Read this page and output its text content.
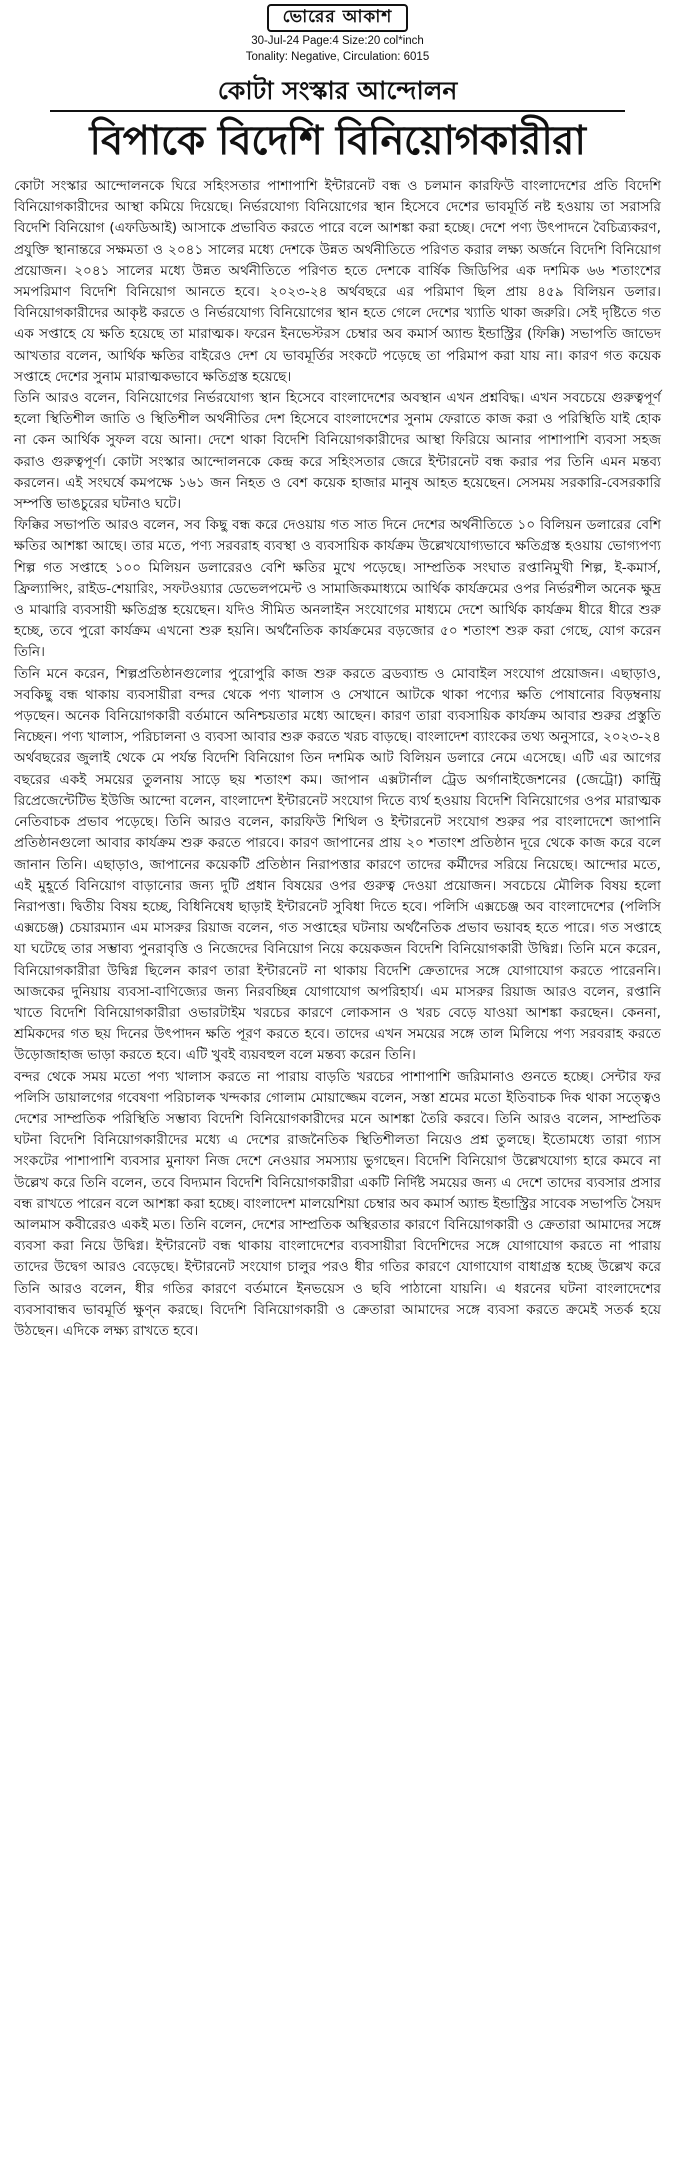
ভোরের আকাশ
30-Jul-24 Page:4 Size:20 col*inch
Tonality: Negative, Circulation: 6015
কোটা সংস্কার আন্দোলন
বিপাকে বিদেশি বিনিয়োগকারীরা

কোটা সংস্কার আন্দোলনকে ঘিরে সহিংসতার পাশাপাশি ইন্টারনেট বন্ধ ও চলমান কারফিউ বাংলাদেশের প্রতি বিদেশি বিনিয়োগকারীদের আস্থা কমিয়ে দিয়েছে। নির্ভরযোগ্য বিনিয়োগের স্থান হিসেবে দেশের ভাবমূর্তি নষ্ট হওয়ায় তা সরাসরি বিদেশি বিনিয়োগ (এফডিআই) আসাকে প্রভাবিত করতে পারে বলে আশঙ্কা করা হচ্ছে। দেশে পণ্য উৎপাদনে বৈচিত্র্যকরণ, প্রযুক্তি স্থানান্তরে সক্ষমতা ও ২০৪১ সালের মধ্যে দেশকে উন্নত অর্থনীতিতে পরিণত করার লক্ষ্য অর্জনে বিদেশি বিনিয়োগ প্রয়োজন। ২০৪১ সালের মধ্যে উন্নত অর্থনীতিতে পরিণত হতে দেশকে বার্ষিক জিডিপির এক দশমিক ৬৬ শতাংশের সমপরিমাণ বিদেশি বিনিয়োগ আনতে হবে। ২০২৩-২৪ অর্থবছরে এর পরিমাণ ছিল প্রায় ৪৫৯ বিলিয়ন ডলার। বিনিয়োগকারীদের আকৃষ্ট করতে ও নির্ভরযোগ্য বিনিয়োগের স্থান হতে গেলে দেশের খ্যাতি থাকা জরুরি। সেই দৃষ্টিতে গত এক সপ্তাহে যে ক্ষতি হয়েছে তা মারাত্মক। ফরেন ইনভেস্টরস চেম্বার অব কমার্স অ্যান্ড ইন্ডাস্ট্রির (ফিক্কি) সভাপতি জাভেদ আখতার বলেন, আর্থিক ক্ষতির বাইরেও দেশ যে ভাবমূর্তির সংকটে পড়েছে তা পরিমাপ করা যায় না। কারণ গত কয়েক সপ্তাহে দেশের সুনাম মারাত্মকভাবে ক্ষতিগ্রস্ত হয়েছে।

তিনি আরও বলেন, বিনিয়োগের নির্ভরযোগ্য স্থান হিসেবে বাংলাদেশের অবস্থান এখন প্রশ্নবিদ্ধ। এখন সবচেয়ে গুরুত্বপূর্ণ হলো স্থিতিশীল জাতি ও স্থিতিশীল অর্থনীতির দেশ হিসেবে বাংলাদেশের সুনাম ফেরাতে কাজ করা ও পরিস্থিতি যাই হোক না কেন আর্থিক সুফল বয়ে আনা। দেশে থাকা বিদেশি বিনিয়োগকারীদের আস্থা ফিরিয়ে আনার পাশাপাশি ব্যবসা সহজ করাও গুরুত্বপূর্ণ। কোটা সংস্কার আন্দোলনকে কেন্দ্র করে সহিংসতার জেরে ইন্টারনেট বন্ধ করার পর তিনি এমন মন্তব্য করলেন। এই সংঘর্ষে কমপক্ষে ১৬১ জন নিহত ও বেশ কয়েক হাজার মানুষ আহত হয়েছেন। সেসময় সরকারি-বেসরকারি সম্পত্তি ভাঙচুরের ঘটনাও ঘটে।

ফিক্কির সভাপতি আরও বলেন, সব কিছু বন্ধ করে দেওয়ায় গত সাত দিনে দেশের অর্থনীতিতে ১০ বিলিয়ন ডলারের বেশি ক্ষতির আশঙ্কা আছে। তার মতে, পণ্য সরবরাহ ব্যবস্থা ও ব্যবসায়িক কার্যক্রম উল্লেখযোগ্যভাবে ক্ষতিগ্রস্ত হওয়ায় ভোগ্যপণ্য শিল্প গত সপ্তাহে ১০০ মিলিয়ন ডলারেরও বেশি ক্ষতির মুখে পড়েছে। সাম্প্রতিক সংঘাত রপ্তানিমুখী শিল্প, ই-কমার্স, ফ্রিল্যান্সিং, রাইড-শেয়ারিং, সফটওয়্যার ডেভেলপমেন্ট ও সামাজিকমাধ্যমে আর্থিক কার্যক্রমের ওপর নির্ভরশীল অনেক ক্ষুদ্র ও মাঝারি ব্যবসায়ী ক্ষতিগ্রস্ত হয়েছেন। যদিও সীমিত অনলাইন সংযোগের মাধ্যমে দেশে আর্থিক কার্যক্রম ধীরে ধীরে শুরু হচ্ছে, তবে পুরো কার্যক্রম এখনো শুরু হয়নি। অর্থনৈতিক কার্যক্রমের বড়জোর ৫০ শতাংশ শুরু করা গেছে, যোগ করেন তিনি।

তিনি মনে করেন, শিল্পপ্রতিষ্ঠানগুলোর পুরোপুরি কাজ শুরু করতে ব্রডব্যান্ড ও মোবাইল সংযোগ প্রয়োজন। এছাড়াও, সবকিছু বন্ধ থাকায় ব্যবসায়ীরা বন্দর থেকে পণ্য খালাস ও সেখানে আটকে থাকা পণ্যের ক্ষতি পোষানোর বিড়ম্বনায় পড়ছেন। অনেক বিনিয়োগকারী বর্তমানে অনিশ্চয়তার মধ্যে আছেন। কারণ তারা ব্যবসায়িক কার্যক্রম আবার শুরুর প্রস্তুতি নিচ্ছেন। পণ্য খালাস, পরিচালনা ও ব্যবসা আবার শুরু করতে খরচ বাড়ছে। বাংলাদেশ ব্যাংকের তথ্য অনুসারে, ২০২৩-২৪ অর্থবছরের জুলাই থেকে মে পর্যন্ত বিদেশি বিনিয়োগ তিন দশমিক আট বিলিয়ন ডলারে নেমে এসেছে। এটি এর আগের বছরের একই সময়ের তুলনায় সাড়ে ছয় শতাংশ কম। জাপান এক্সটার্নাল ট্রেড অর্গানাইজেশনের (জেট্রো) কান্ট্রি রিপ্রেজেন্টেটিভ ইউজি আন্দো বলেন, বাংলাদেশ ইন্টারনেট সংযোগ দিতে ব্যর্থ হওয়ায় বিদেশি বিনিয়োগের ওপর মারাত্মক নেতিবাচক প্রভাব পড়েছে। তিনি আরও বলেন, কারফিউ শিথিল ও ইন্টারনেট সংযোগ শুরুর পর বাংলাদেশে জাপানি প্রতিষ্ঠানগুলো আবার কার্যক্রম শুরু করতে পারবে। কারণ জাপানের প্রায় ২০ শতাংশ প্রতিষ্ঠান দূরে থেকে কাজ করে বলে জানান তিনি। এছাড়াও, জাপানের কয়েকটি প্রতিষ্ঠান নিরাপত্তার কারণে তাদের কর্মীদের সরিয়ে নিয়েছে। আন্দোর মতে, এই মুহূর্তে বিনিয়োগ বাড়ানোর জন্য দুটি প্রধান বিষয়ের ওপর গুরুত্ব দেওয়া প্রয়োজন। সবচেয়ে মৌলিক বিষয় হলো নিরাপত্তা। দ্বিতীয় বিষয় হচ্ছে, বিধিনিষেধ ছাড়াই ইন্টারনেট সুবিধা দিতে হবে। পলিসি এক্সচেঞ্জ অব বাংলাদেশের (পলিসি এক্সচেঞ্জ) চেয়ারম্যান এম মাসরুর রিয়াজ বলেন, গত সপ্তাহের ঘটনায় অর্থনৈতিক প্রভাব ভয়াবহ হতে পারে। গত সপ্তাহে যা ঘটেছে তার সম্ভাব্য পুনরাবৃত্তি ও নিজেদের বিনিয়োগ নিয়ে কয়েকজন বিদেশি বিনিয়োগকারী উদ্বিগ্ন। তিনি মনে করেন, বিনিয়োগকারীরা উদ্বিগ্ন ছিলেন কারণ তারা ইন্টারনেট না থাকায় বিদেশি ক্রেতাদের সঙ্গে যোগাযোগ করতে পারেননি। আজকের দুনিয়ায় ব্যবসা-বাণিজ্যের জন্য নিরবচ্ছিন্ন যোগাযোগ অপরিহার্য। এম মাসরুর রিয়াজ আরও বলেন, রপ্তানি খাতে বিদেশি বিনিয়োগকারীরা ওভারটাইম খরচের কারণে লোকসান ও খরচ বেড়ে যাওয়া আশঙ্কা করছেন। কেননা, শ্রমিকদের গত ছয় দিনের উৎপাদন ক্ষতি পূরণ করতে হবে। তাদের এখন সময়ের সঙ্গে তাল মিলিয়ে পণ্য সরবরাহ করতে উড়োজাহাজ ভাড়া করতে হবে। এটি খুবই ব্যয়বহুল বলে মন্তব্য করেন তিনি।

বন্দর থেকে সময় মতো পণ্য খালাস করতে না পারায় বাড়তি খরচের পাশাপাশি জরিমানাও গুনতে হচ্ছে। সেন্টার ফর পলিসি ডায়ালগের গবেষণা পরিচালক খন্দকার গোলাম মোয়াজ্জেম বলেন, সস্তা শ্রমের মতো ইতিবাচক দিক থাকা সত্ত্বেও দেশের সাম্প্রতিক পরিস্থিতি সম্ভাব্য বিদেশি বিনিয়োগকারীদের মনে আশঙ্কা তৈরি করবে। তিনি আরও বলেন, সাম্প্রতিক ঘটনা বিদেশি বিনিয়োগকারীদের মধ্যে এ দেশের রাজনৈতিক স্থিতিশীলতা নিয়েও প্রশ্ন তুলছে। ইতোমধ্যে তারা গ্যাস সংকটের পাশাপাশি ব্যবসার মুনাফা নিজ দেশে নেওয়ার সমস্যায় ভুগছেন। বিদেশি বিনিয়োগ উল্লেখযোগ্য হারে কমবে না উল্লেখ করে তিনি বলেন, তবে বিদ্যমান বিদেশি বিনিয়োগকারীরা একটি নির্দিষ্ট সময়ের জন্য এ দেশে তাদের ব্যবসার প্রসার বন্ধ রাখতে পারেন বলে আশঙ্কা করা হচ্ছে। বাংলাদেশ মালয়েশিয়া চেম্বার অব কমার্স অ্যান্ড ইন্ডাস্ট্রির সাবেক সভাপতি সৈয়দ আলমাস কবীরেরও একই মত। তিনি বলেন, দেশের সাম্প্রতিক অস্থিরতার কারণে বিনিয়োগকারী ও ক্রেতারা আমাদের সঙ্গে ব্যবসা করা নিয়ে উদ্বিগ্ন। ইন্টারনেট বন্ধ থাকায় বাংলাদেশের ব্যবসায়ীরা বিদেশিদের সঙ্গে যোগাযোগ করতে না পারায় তাদের উদ্বেগ আরও বেড়েছে। ইন্টারনেট সংযোগ চালুর পরও ধীর গতির কারণে যোগাযোগ বাধাগ্রস্ত হচ্ছে উল্লেখ করে তিনি আরও বলেন, ধীর গতির কারণে বর্তমানে ইনভয়েস ও ছবি পাঠানো যায়নি। এ ধরনের ঘটনা বাংলাদেশের ব্যবসাবান্ধব ভাবমূর্তি ক্ষুণ্ন করছে। বিদেশি বিনিয়োগকারী ও ক্রেতারা আমাদের সঙ্গে ব্যবসা করতে ক্রমেই সতর্ক হয়ে উঠছেন। এদিকে লক্ষ্য রাখতে হবে।
